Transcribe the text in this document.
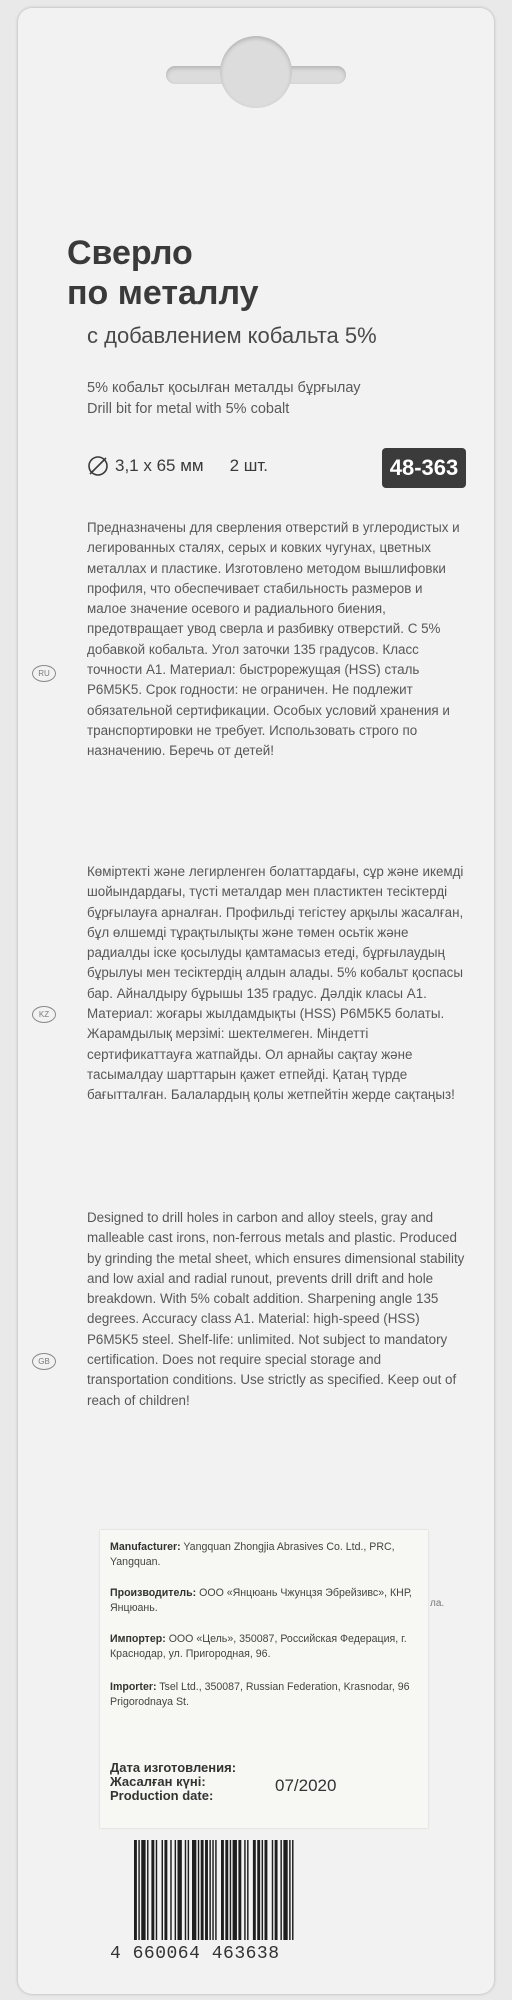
Сверло
по металлу

с добавлением кобальта 5%

5% кобальт қосылған металды бұрғылау
Drill bit for metal with 5% cobalt
3,1 х 65 мм 2 шт.	48-363
RU

Предназначены для сверления отверстий в углеродистых и легированных сталях, серых и ковких чугунах, цветных металлах и пластике. Изготовлено методом вышлифовки профиля, что обеспечивает стабильность размеров и малое значение осевого и радиального биения, предотвращает увод сверла и разбивку отверстий. С 5% добавкой кобальта. Угол заточки 135 градусов. Класс точности A1. Материал: быстрорежущая (HSS) сталь P6M5K5. Срок годности: не ограничен. Не подлежит обязательной сертификации. Особых условий хранения и транспортировки не требует. Использовать строго по назначению. Беречь от детей!

KZ

Көміртекті және легирленген болаттардағы, сұр және икемді шойындардағы, түсті металдар мен пластиктен тесіктерді бұрғылауға арналған. Профильді тегістеу арқылы жасалған, бұл өлшемді тұрақтылықты және төмен осьтік және радиалды іске қосылуды қамтамасыз етеді, бұрғылаудың бұрылуы мен тесіктердің алдын алады. 5% кобальт қоспасы бар. Айналдыру бұрышы 135 градус. Дәлдік класы A1. Материал: жоғары жылдамдықты (HSS) P6M5K5 болаты. Жарамдылық мерзімі: шектелмеген. Міндетті сертификаттауға жатпайды. Ол арнайы сақтау және тасымалдау шарттарын қажет етпейді. Қатаң түрде бағытталған. Балалардың қолы жетпейтін жерде сақтаңыз!

GB

Designed to drill holes in carbon and alloy steels, gray and malleable cast irons, non-ferrous metals and plastic. Produced by grinding the metal sheet, which ensures dimensional stability and low axial and radial runout, prevents drill drift and hole breakdown. With 5% cobalt addition. Sharpening angle 135 degrees. Accuracy class A1. Material: high-speed (HSS) P6M5K5 steel. Shelf-life: unlimited. Not subject to mandatory certification. Does not require special storage and transportation conditions. Use strictly as specified. Keep out of reach of children!

ла.
Manufacturer: Yangquan Zhongjia Abrasives Co. Ltd., PRC, Yangquan.
Производитель: ООО «Янцюань Чжунцзя Эбрейзивс», КНР, Янцюань.
Импортер: ООО «Цель», 350087, Российская Федерация, г. Краснодар, ул. Пригородная, 96.
Importer: Tsel Ltd., 350087, Russian Federation, Krasnodar, 96 Prigorodnaya St.
Дата изготовления:
Жасалған күні:
Production date:
07/2020
4 660064 463638
